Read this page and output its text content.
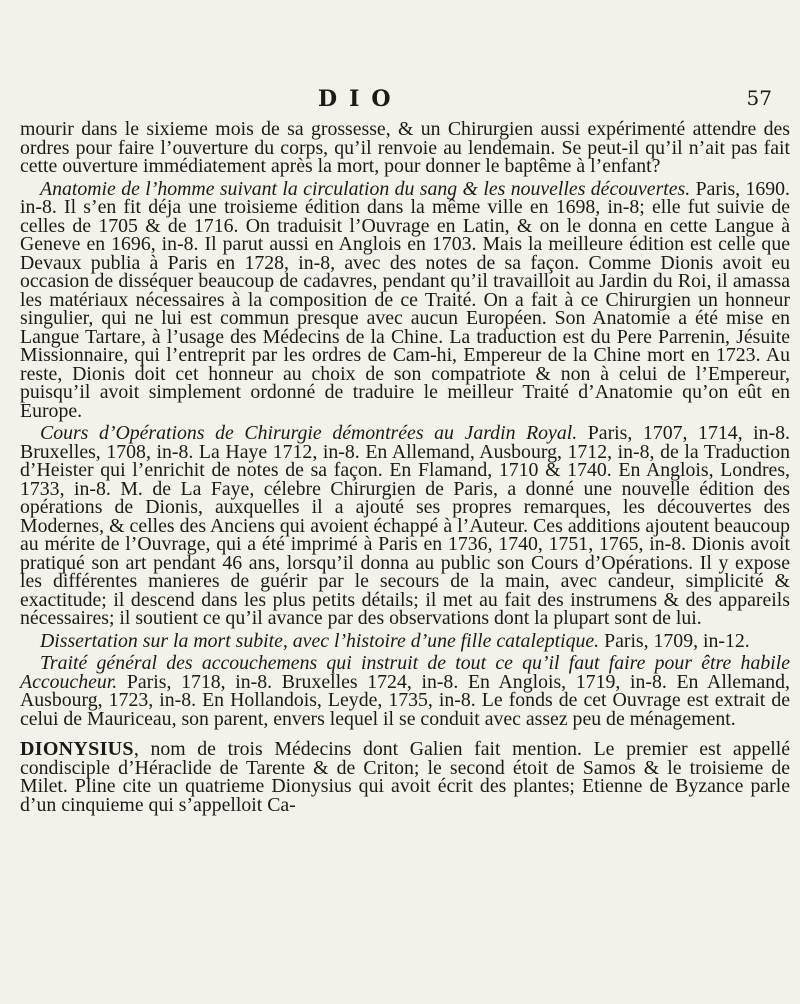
DIO	57

mourir dans le sixieme mois de sa grossesse, & un Chirurgien aussi expérimenté attendre des ordres pour faire l’ouverture du corps, qu’il renvoie au lendemain. Se peut-il qu’il n’ait pas fait cette ouverture immédiatement après la mort, pour donner le baptême à l’enfant?

Anatomie de l’homme suivant la circulation du sang & les nouvelles découvertes. Paris, 1690. in-8. Il s’en fit déja une troisieme édition dans la même ville en 1698, in-8; elle fut suivie de celles de 1705 & de 1716. On traduisit l’Ouvrage en Latin, & on le donna en cette Langue à Geneve en 1696, in-8. Il parut aussi en Anglois en 1703. Mais la meilleure édition est celle que Devaux publia à Paris en 1728, in-8, avec des notes de sa façon. Comme Dionis avoit eu occasion de disséquer beaucoup de cadavres, pendant qu’il travailloit au Jardin du Roi, il amassa les matériaux nécessaires à la composition de ce Traité. On a fait à ce Chirurgien un honneur singulier, qui ne lui est commun presque avec aucun Européen. Son Anatomie a été mise en Langue Tartare, à l’usage des Médecins de la Chine. La traduction est du Pere Parrenin, Jésuite Missionnaire, qui l’entreprit par les ordres de Cam-hi, Empereur de la Chine mort en 1723. Au reste, Dionis doit cet honneur au choix de son compatriote & non à celui de l’Empereur, puisqu’il avoit simplement ordonné de traduire le meilleur Traité d’Anatomie qu’on eût en Europe.

Cours d’Opérations de Chirurgie démontrées au Jardin Royal. Paris, 1707, 1714, in-8. Bruxelles, 1708, in-8. La Haye 1712, in-8. En Allemand, Ausbourg, 1712, in-8, de la Traduction d’Heister qui l’enrichit de notes de sa façon. En Flamand, 1710 & 1740. En Anglois, Londres, 1733, in-8. M. de La Faye, célebre Chirurgien de Paris, a donné une nouvelle édition des opérations de Dionis, auxquelles il a ajouté ses propres remarques, les découvertes des Modernes, & celles des Anciens qui avoient échappé à l’Auteur. Ces additions ajoutent beaucoup au mérite de l’Ouvrage, qui a été imprimé à Paris en 1736, 1740, 1751, 1765, in-8. Dionis avoit pratiqué son art pendant 46 ans, lorsqu’il donna au public son Cours d’Opérations. Il y expose les différentes manieres de guérir par le secours de la main, avec candeur, simplicité & exactitude; il descend dans les plus petits détails; il met au fait des instrumens & des appareils nécessaires; il soutient ce qu’il avance par des observations dont la plupart sont de lui.

Dissertation sur la mort subite, avec l’histoire d’une fille cataleptique. Paris, 1709, in-12.

Traité général des accouchemens qui instruit de tout ce qu’il faut faire pour être habile Accoucheur. Paris, 1718, in-8. Bruxelles 1724, in-8. En Anglois, 1719, in-8. En Allemand, Ausbourg, 1723, in-8. En Hollandois, Leyde, 1735, in-8. Le fonds de cet Ouvrage est extrait de celui de Mauriceau, son parent, envers lequel il se conduit avec assez peu de ménagement.

DIONYSIUS, nom de trois Médecins dont Galien fait mention. Le premier est appellé condisciple d’Héraclide de Tarente & de Criton; le second étoit de Samos & le troisieme de Milet. Pline cite un quatrieme Dionysius qui avoit écrit des plantes; Etienne de Byzance parle d’un cinquieme qui s’appelloit Ca-
